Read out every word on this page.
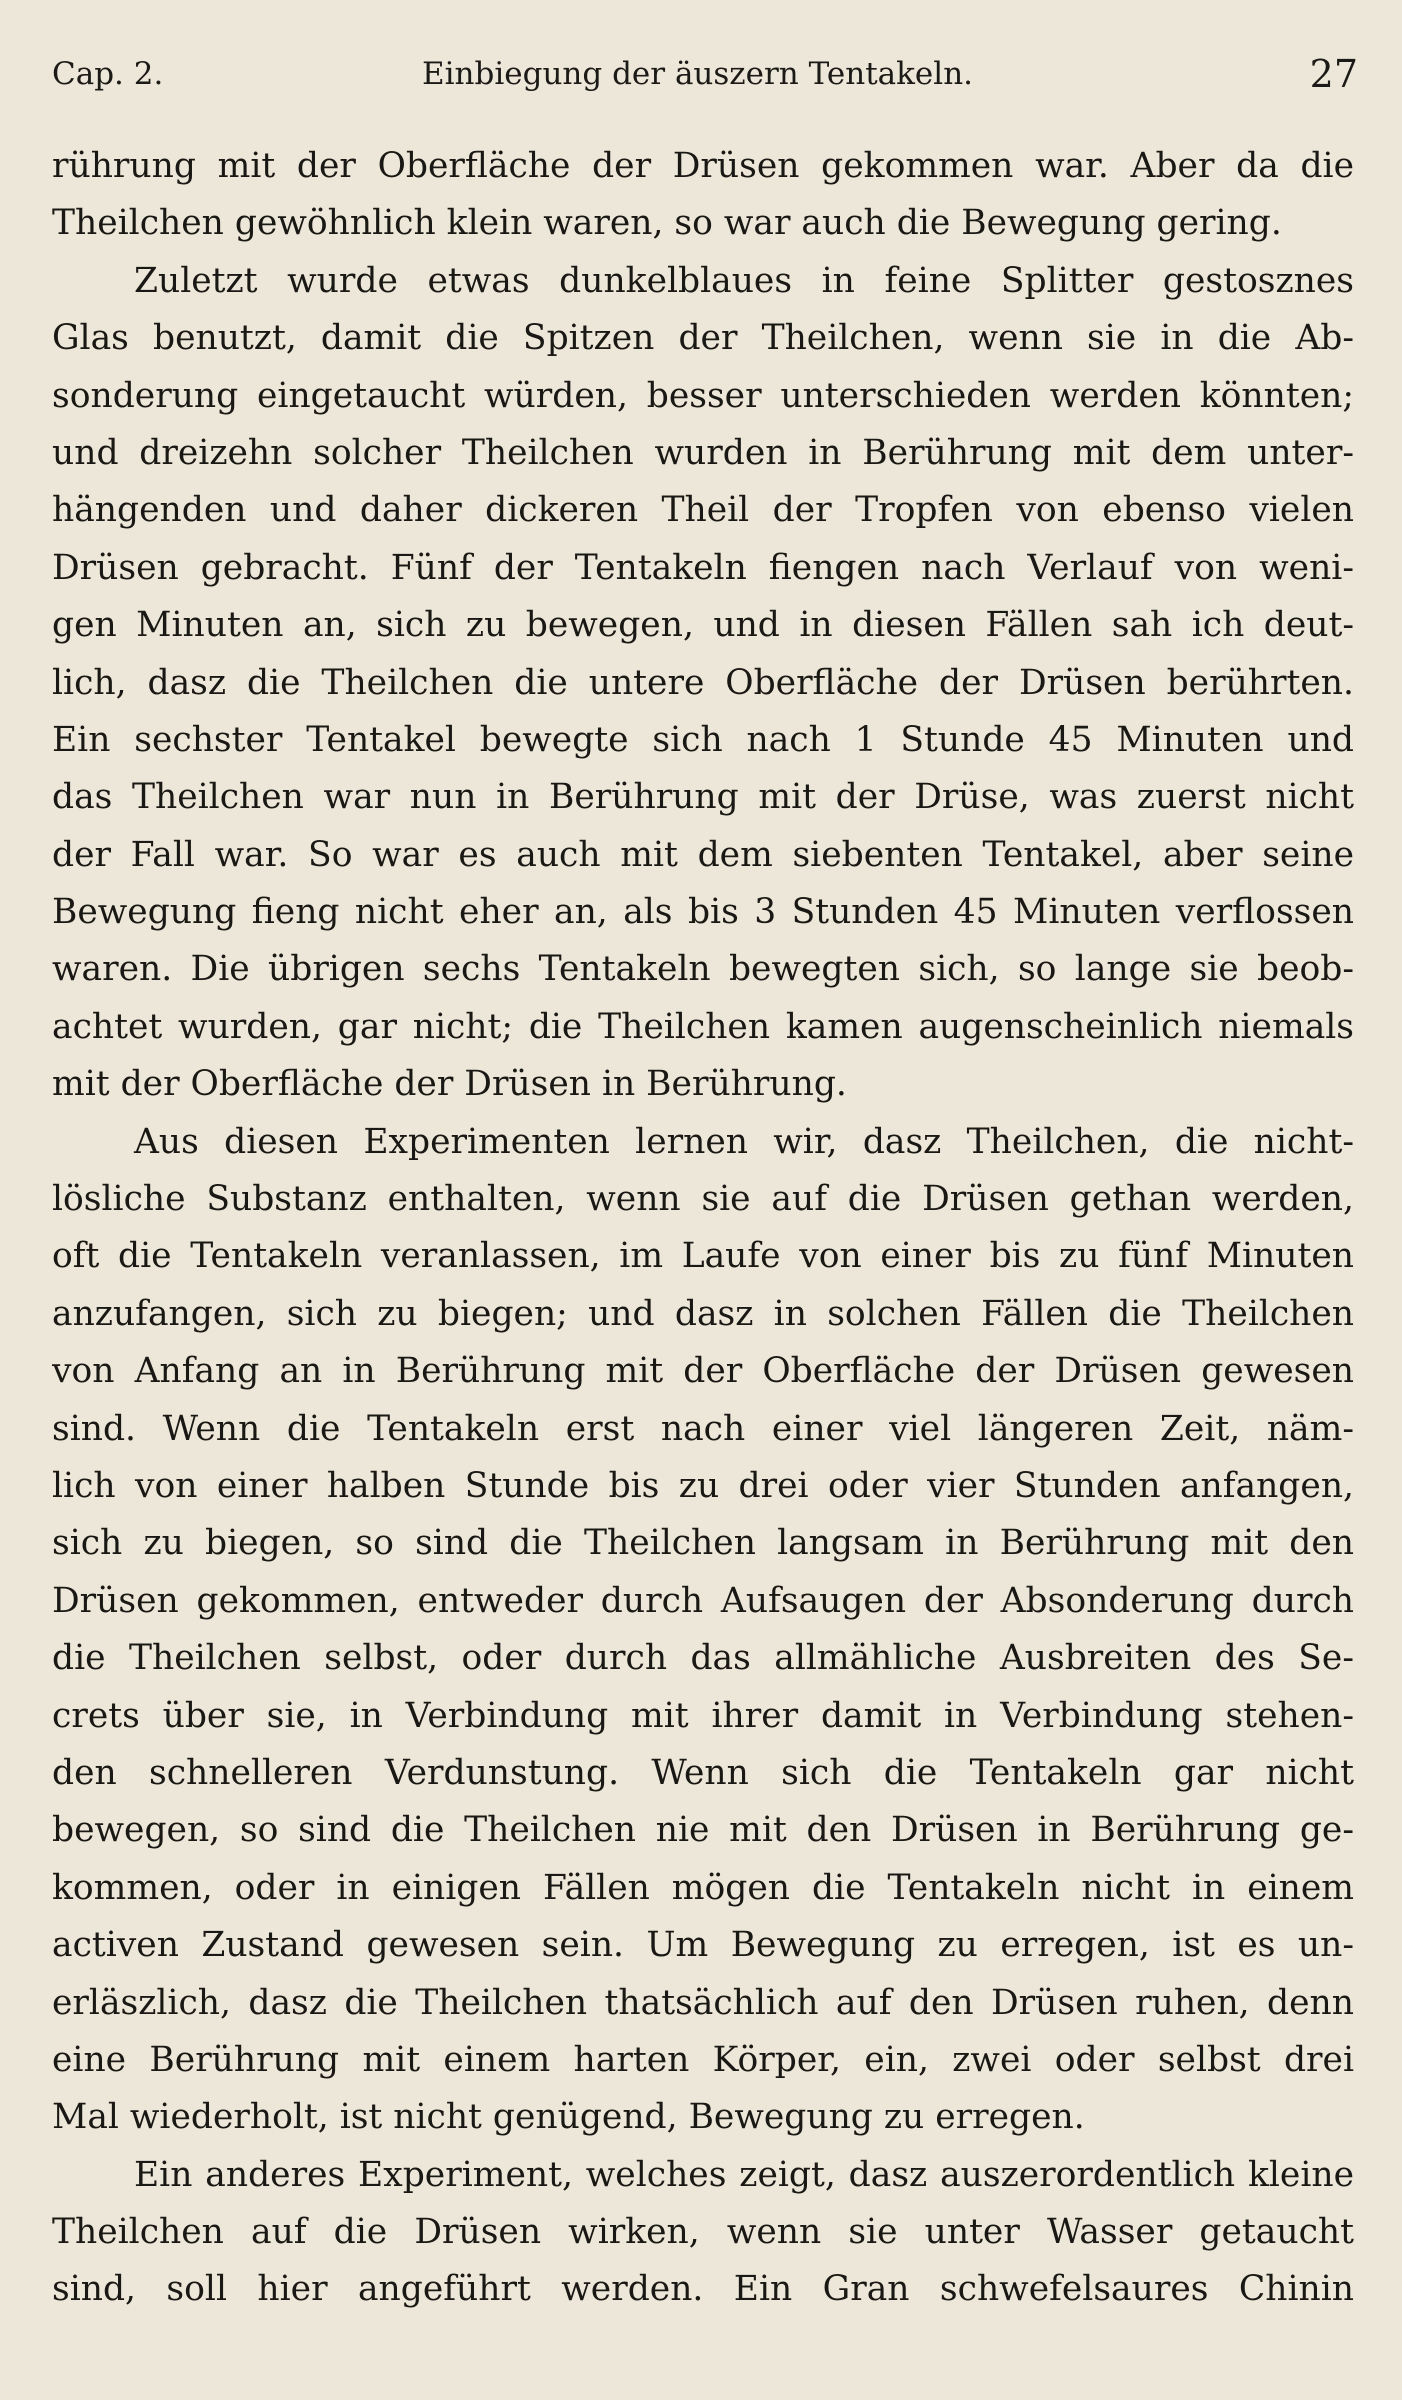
Cap. 2.	Einbiegung der äuszern Tentakeln.	27
rührung mit der Oberfläche der Drüsen gekommen war. Aber da die
Theilchen gewöhnlich klein waren, so war auch die Bewegung gering.
Zuletzt wurde etwas dunkelblaues in feine Splitter gestosznes
Glas benutzt, damit die Spitzen der Theilchen, wenn sie in die Ab-
sonderung eingetaucht würden, besser unterschieden werden könnten;
und dreizehn solcher Theilchen wurden in Berührung mit dem unter-
hängenden und daher dickeren Theil der Tropfen von ebenso vielen
Drüsen gebracht. Fünf der Tentakeln fiengen nach Verlauf von weni-
gen Minuten an, sich zu bewegen, und in diesen Fällen sah ich deut-
lich, dasz die Theilchen die untere Oberfläche der Drüsen berührten.
Ein sechster Tentakel bewegte sich nach 1 Stunde 45 Minuten und
das Theilchen war nun in Berührung mit der Drüse, was zuerst nicht
der Fall war. So war es auch mit dem siebenten Tentakel, aber seine
Bewegung fieng nicht eher an, als bis 3 Stunden 45 Minuten verflossen
waren. Die übrigen sechs Tentakeln bewegten sich, so lange sie beob-
achtet wurden, gar nicht; die Theilchen kamen augenscheinlich niemals
mit der Oberfläche der Drüsen in Berührung.
Aus diesen Experimenten lernen wir, dasz Theilchen, die nicht-
lösliche Substanz enthalten, wenn sie auf die Drüsen gethan werden,
oft die Tentakeln veranlassen, im Laufe von einer bis zu fünf Minuten
anzufangen, sich zu biegen; und dasz in solchen Fällen die Theilchen
von Anfang an in Berührung mit der Oberfläche der Drüsen gewesen
sind. Wenn die Tentakeln erst nach einer viel längeren Zeit, näm-
lich von einer halben Stunde bis zu drei oder vier Stunden anfangen,
sich zu biegen, so sind die Theilchen langsam in Berührung mit den
Drüsen gekommen, entweder durch Aufsaugen der Absonderung durch
die Theilchen selbst, oder durch das allmähliche Ausbreiten des Se-
crets über sie, in Verbindung mit ihrer damit in Verbindung stehen-
den schnelleren Verdunstung. Wenn sich die Tentakeln gar nicht
bewegen, so sind die Theilchen nie mit den Drüsen in Berührung ge-
kommen, oder in einigen Fällen mögen die Tentakeln nicht in einem
activen Zustand gewesen sein. Um Bewegung zu erregen, ist es un-
erläszlich, dasz die Theilchen thatsächlich auf den Drüsen ruhen, denn
eine Berührung mit einem harten Körper, ein, zwei oder selbst drei
Mal wiederholt, ist nicht genügend, Bewegung zu erregen.
Ein anderes Experiment, welches zeigt, dasz auszerordentlich kleine
Theilchen auf die Drüsen wirken, wenn sie unter Wasser getaucht
sind, soll hier angeführt werden. Ein Gran schwefelsaures Chinin
